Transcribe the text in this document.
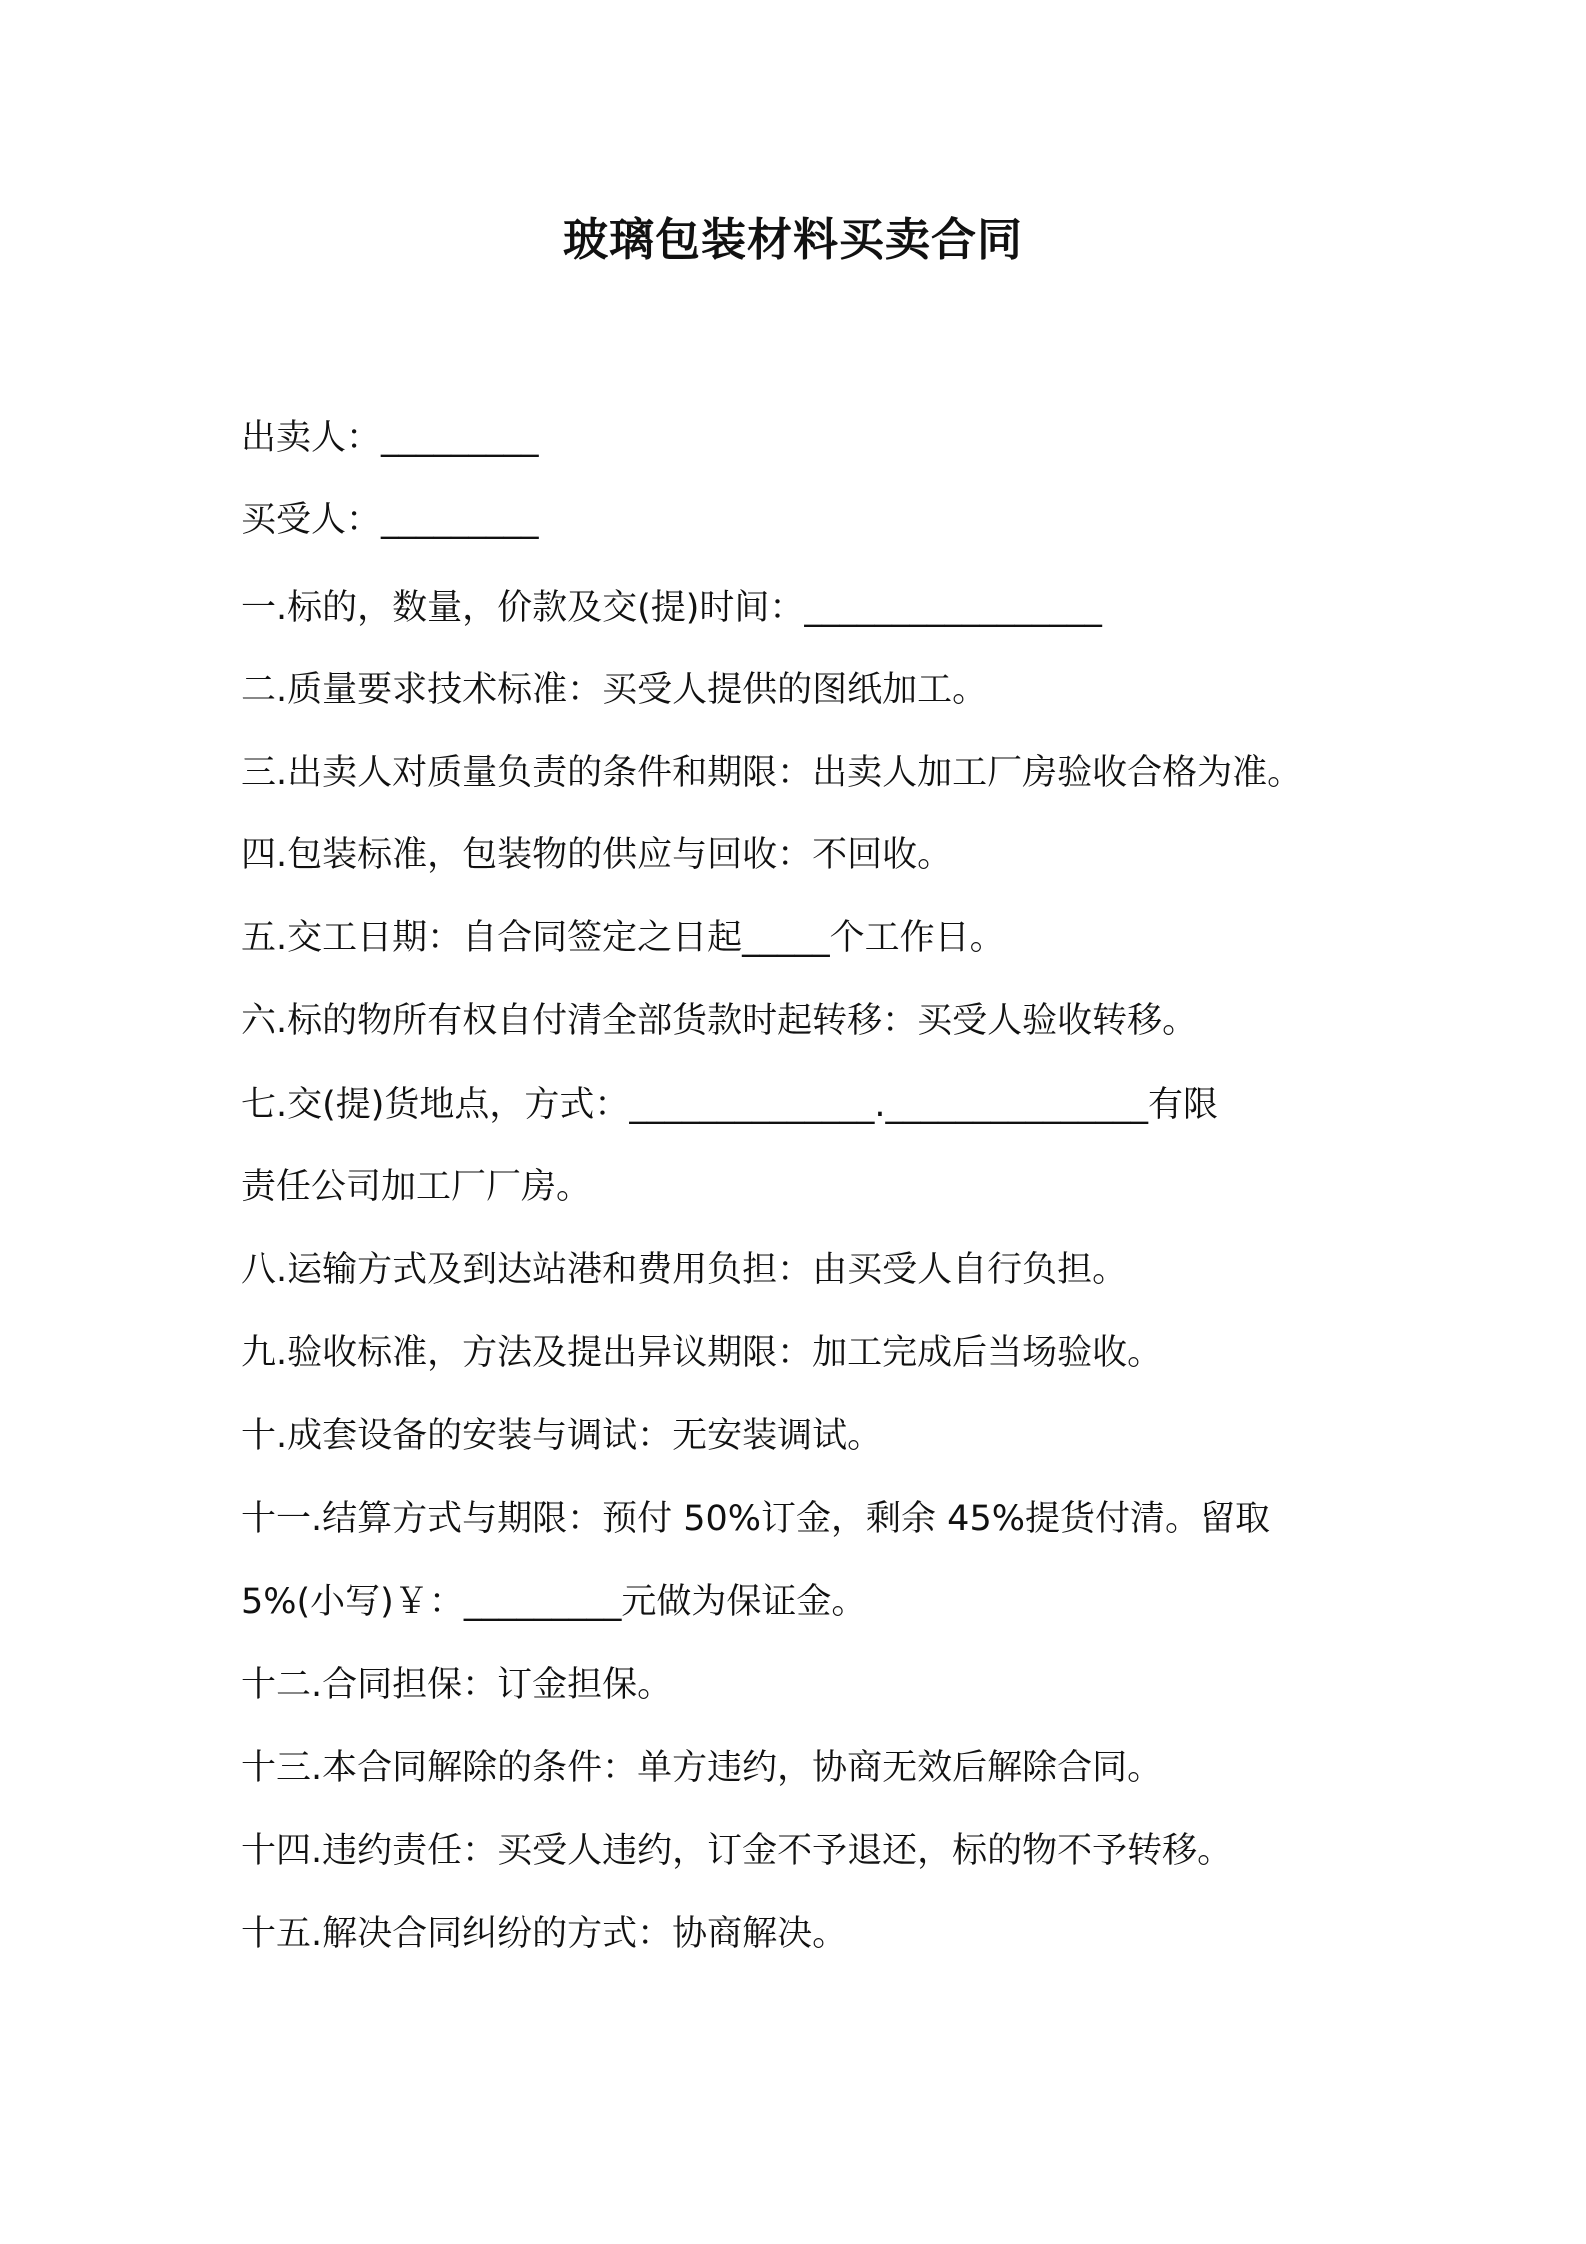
玻璃包装材料买卖合同
出卖人：_________
买受人：_________
一.标的，数量，价款及交(提)时间：_________________
二.质量要求技术标准：买受人提供的图纸加工。
三.出卖人对质量负责的条件和期限：出卖人加工厂房验收合格为准。
四.包装标准，包装物的供应与回收：不回收。
五.交工日期：自合同签定之日起_____个工作日。
六.标的物所有权自付清全部货款时起转移：买受人验收转移。
七.交(提)货地点，方式：______________._______________有限
责任公司加工厂厂房。
八.运输方式及到达站港和费用负担：由买受人自行负担。
九.验收标准，方法及提出异议期限：加工完成后当场验收。
十.成套设备的安装与调试：无安装调试。
十一.结算方式与期限：预付 50%订金，剩余 45%提货付清。留取
5%(小写)￥：_________元做为保证金。
十二.合同担保：订金担保。
十三.本合同解除的条件：单方违约，协商无效后解除合同。
十四.违约责任：买受人违约，订金不予退还，标的物不予转移。
十五.解决合同纠纷的方式：协商解决。
